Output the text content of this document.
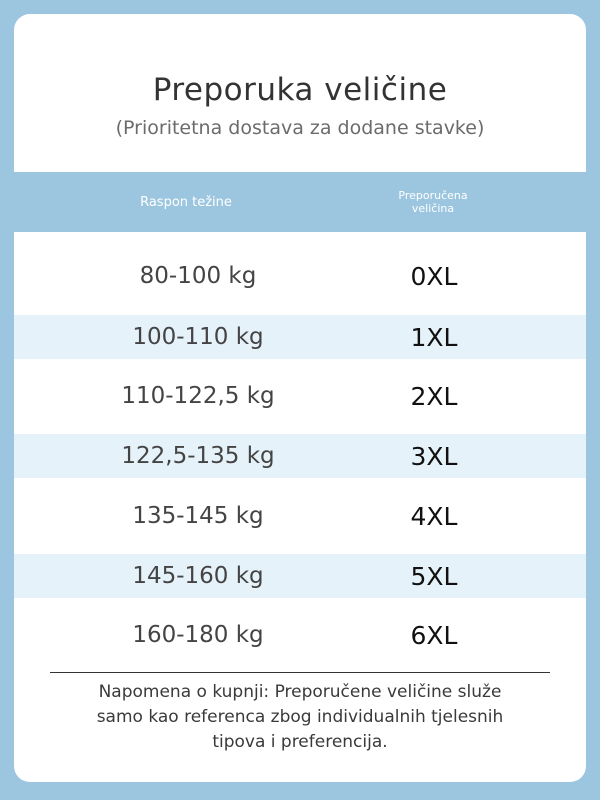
Preporuka veličine
(Prioritetna dostava za dodane stavke)
Raspon težine	Preporučena
veličina
80-100 kg	0XL
100-110 kg	1XL
110-122,5 kg	2XL
122,5-135 kg	3XL
135-145 kg	4XL
145-160 kg	5XL
160-180 kg	6XL
Napomena o kupnji: Preporučene veličine služe
samo kao referenca zbog individualnih tjelesnih
tipova i preferencija.
